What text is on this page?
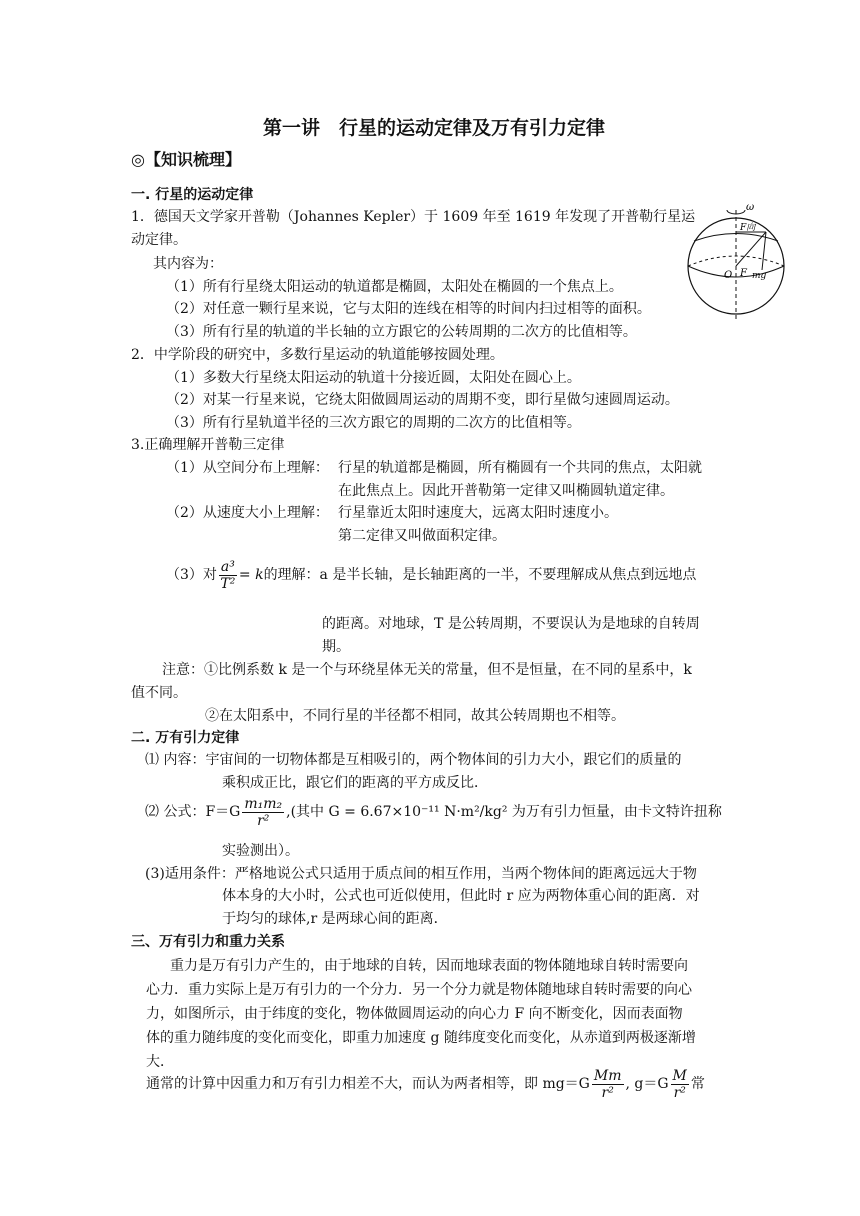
第一讲　行星的运动定律及万有引力定律
◎【知识梳理】
一. 行星的运动定律
1．德国天文学家开普勒（Johannes Kepler）于 1609 年至 1619 年发现了开普勒行星运
动定律。
其内容为：
（1）所有行星绕太阳运动的轨道都是椭圆，太阳处在椭圆的一个焦点上。
（2）对任意一颗行星来说，它与太阳的连线在相等的时间内扫过相等的面积。
（3）所有行星的轨道的半长轴的立方跟它的公转周期的二次方的比值相等。
2．中学阶段的研究中，多数行星运动的轨道能够按圆处理。
（1）多数大行星绕太阳运动的轨道十分接近圆，太阳处在圆心上。
（2）对某一行星来说，它绕太阳做圆周运动的周期不变，即行星做匀速圆周运动。
（3）所有行星轨道半径的三次方跟它的周期的二次方的比值相等。
3.正确理解开普勒三定律
（1）从空间分布上理解： 行星的轨道都是椭圆，所有椭圆有一个共同的焦点，太阳就
在此焦点上。因此开普勒第一定律又叫椭圆轨道定律。
（2）从速度大小上理解： 行星靠近太阳时速度大，远离太阳时速度小。
第二定律又叫做面积定律。
（3）对 $\frac{\text{a³}}{\text{T²}} = k$的理解：a 是半长轴，是长轴距离的一半，不要理解成从焦点到远地点
的距离。对地球，T 是公转周期，不要误认为是地球的自转周
期。
注意：①比例系数 k 是一个与环绕星体无关的常量，但不是恒量，在不同的星系中，k
值不同。
②在太阳系中，不同行星的半径都不相同，故其公转周期也不相等。
二. 万有引力定律
⑴ 内容：宇宙间的一切物体都是互相吸引的，两个物体间的引力大小，跟它们的质量的
乘积成正比，跟它们的距离的平方成反比．
⑵ 公式：$F=G \frac{\text{m₁m₂}}{\text{r²}}$ ,(其中 G = 6.67×10⁻¹¹ N·m²/kg² 为万有引力恒量，由卡文特许扭称
实验测出）。
(3)适用条件：严格地说公式只适用于质点间的相互作用，当两个物体间的距离远远大于物
体本身的大小时，公式也可近似使用，但此时 r 应为两物体重心间的距离．对
于均匀的球体,r 是两球心间的距离．
三、万有引力和重力关系
重力是万有引力产生的，由于地球的自转，因而地球表面的物体随地球自转时需要向
心力．重力实际上是万有引力的一个分力．另一个分力就是物体随地球自转时需要的向心
力，如图所示，由于纬度的变化，物体做圆周运动的向心力 F 向不断变化，因而表面物
体的重力随纬度的变化而变化，即重力加速度 g 随纬度变化而变化，从赤道到两极逐渐增
大．
通常的计算中因重力和万有引力相差不大，而认为两者相等，即 $mg=G \frac{Mm}{\text{r²}}$ , $g=G \frac{M}{\text{r²}}$ 常
ω
F向
O F mg
